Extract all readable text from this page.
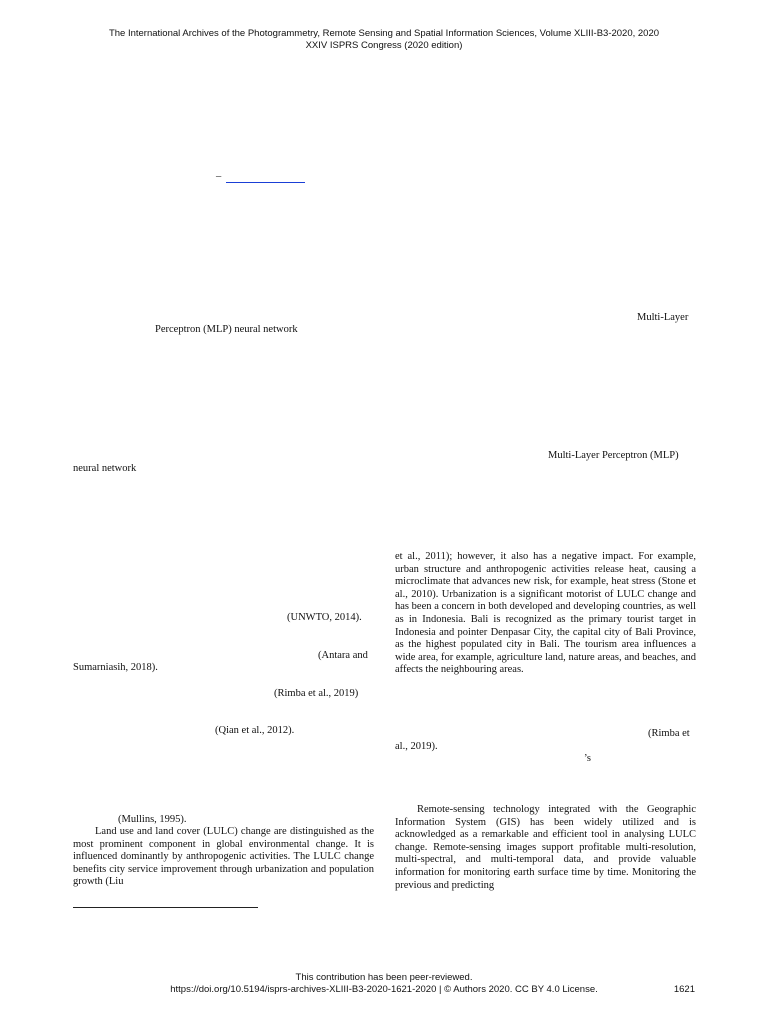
The International Archives of the Photogrammetry, Remote Sensing and Spatial Information Sciences, Volume XLIII-B3-2020, 2020
XXIV ISPRS Congress (2020 edition)
–
Multi-Layer
Perceptron (MLP) neural network
Multi-Layer Perceptron (MLP)
neural network
(UNWTO, 2014).
(Antara and
Sumarniasih, 2018).
(Rimba et al., 2019)
(Qian et al., 2012).
(Mullins, 1995).

Land use and land cover (LULC) change are distinguished as the most prominent component in global environmental change. It is influenced dominantly by anthropogenic activities. The LULC change benefits city service improvement through urbanization and population growth (Liu

et al., 2011); however, it also has a negative impact. For example, urban structure and anthropogenic activities release heat, causing a microclimate that advances new risk, for example, heat stress (Stone et al., 2010). Urbanization is a significant motorist of LULC change and has been a concern in both developed and developing countries, as well as in Indonesia. Bali is recognized as the primary tourist target in Indonesia and pointer Denpasar City, the capital city of Bali Province, as the highest populated city in Bali. The tourism area influences a wide area, for example, agriculture land, nature areas, and beaches, and affects the neighbouring areas.

(Rimba et
al., 2019).
’s

Remote-sensing technology integrated with the Geographic Information System (GIS) has been widely utilized and is acknowledged as a remarkable and efficient tool in analysing LULC change. Remote-sensing images support profitable multi-resolution, multi-spectral, and multi-temporal data, and provide valuable information for monitoring earth surface time by time. Monitoring the previous and predicting

This contribution has been peer-reviewed.
https://doi.org/10.5194/isprs-archives-XLIII-B3-2020-1621-2020 | © Authors 2020. CC BY 4.0 License.	1621
